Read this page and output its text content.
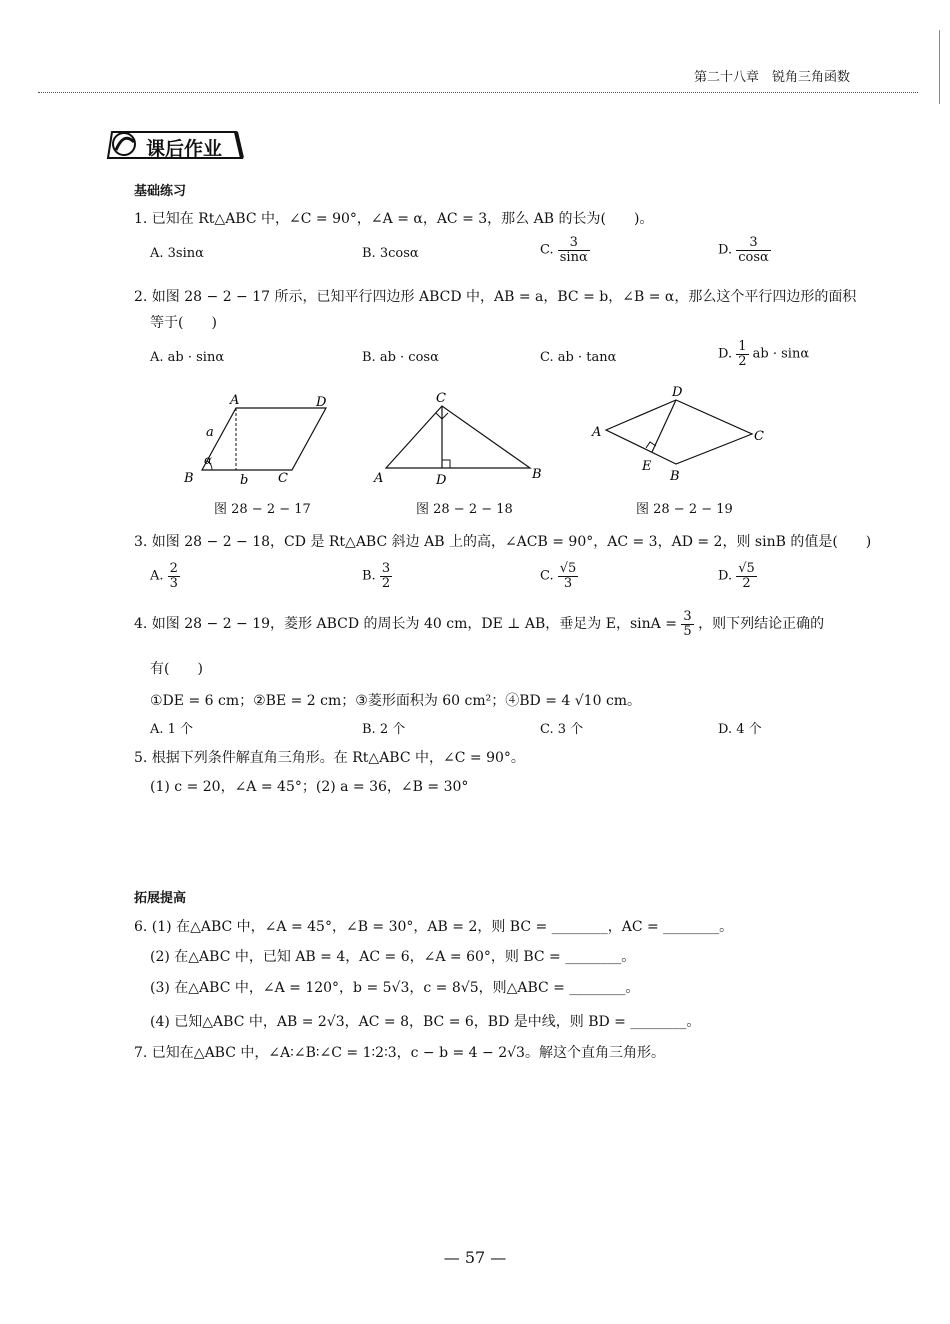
第二十八章　锐角三角函数
课后作业
基础练习
1. 已知在 Rt△ABC 中，∠C = 90°，∠A = α，AC = 3，那么 AB 的长为(　　)。
A. 3sinα	B. 3cosα	C. $\frac{3}{\sin\alpha}$	D. $\frac{3}{\cos\alpha}$
2. 如图 28 − 2 − 17 所示，已知平行四边形 ABCD 中，AB = a，BC = b，∠B = α，那么这个平行四边形的面积
等于(　　)
A. ab · sinα	B. ab · cosα	C. ab · tanα	D. $\frac{1}{2}$ ab · sinα
A	D
B	C
a
b
α
图 28 − 2 − 17
C
A	D	B
图 28 − 2 − 18
A
D
C
B
E
图 28 − 2 − 19
3. 如图 28 − 2 − 18，CD 是 Rt△ABC 斜边 AB 上的高，∠ACB = 90°，AC = 3，AD = 2，则 sinB 的值是(　　)
A. $\frac{2}{3}$	B. $\frac{3}{2}$	C. $\frac{√5}{3}$	D. $\frac{√5}{2}$
4. 如图 28 − 2 − 19，菱形 ABCD 的周长为 40 cm，DE ⊥ AB，垂足为 E，$\sin A = \frac{3}{5}$ ，则下列结论正确的
有(　　)
①DE = 6 cm；②BE = 2 cm；③菱形面积为 60 cm²；④BD = 4 √10 cm。
A. 1 个	B. 2 个	C. 3 个	D. 4 个
5. 根据下列条件解直角三角形。在 Rt△ABC 中，∠C = 90°。
(1) c = 20，∠A = 45°；(2) a = 36，∠B = 30°
拓展提高
6. (1) 在△ABC 中，∠A = 45°，∠B = 30°，AB = 2，则 BC = ________，AC = ________。
(2) 在△ABC 中，已知 AB = 4，AC = 6，∠A = 60°，则 BC = ________。
(3) 在△ABC 中，∠A = 120°，b = 5√3，c = 8√5，则△ABC = ________。
(4) 已知△ABC 中，AB = 2√3，AC = 8，BC = 6，BD 是中线，则 BD = ________。
7. 已知在△ABC 中，∠A∶∠B∶∠C = 1∶2∶3，c − b = 4 − 2√3。解这个直角三角形。
— 57 —
